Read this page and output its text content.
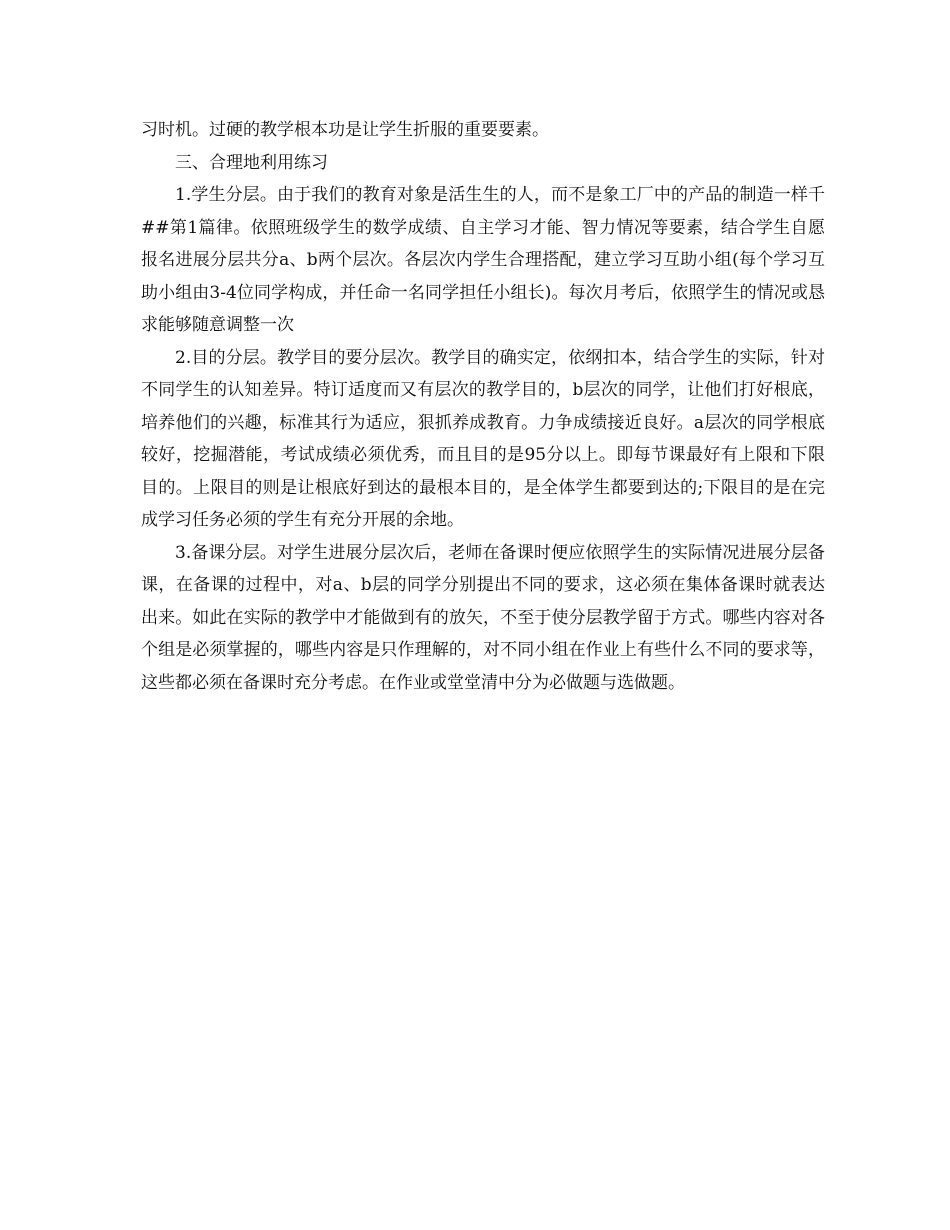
习时机。过硬的教学根本功是让学生折服的重要要素。

三、合理地利用练习

1.学生分层。由于我们的教育对象是活生生的人，而不是象工厂中的产品的制造一样千##第1篇律。依照班级学生的数学成绩、自主学习才能、智力情况等要素，结合学生自愿报名进展分层共分a、b两个层次。各层次内学生合理搭配，建立学习互助小组(每个学习互助小组由3-4位同学构成，并任命一名同学担任小组长)。每次月考后，依照学生的情况或恳求能够随意调整一次

2.目的分层。教学目的要分层次。教学目的确实定，依纲扣本，结合学生的实际，针对不同学生的认知差异。特订适度而又有层次的教学目的，b层次的同学，让他们打好根底，培养他们的兴趣，标准其行为适应，狠抓养成教育。力争成绩接近良好。a层次的同学根底较好，挖掘潜能，考试成绩必须优秀，而且目的是95分以上。即每节课最好有上限和下限目的。上限目的则是让根底好到达的最根本目的，是全体学生都要到达的;下限目的是在完成学习任务必须的学生有充分开展的余地。

3.备课分层。对学生进展分层次后，老师在备课时便应依照学生的实际情况进展分层备课，在备课的过程中，对a、b层的同学分别提出不同的要求，这必须在集体备课时就表达出来。如此在实际的教学中才能做到有的放矢，不至于使分层教学留于方式。哪些内容对各个组是必须掌握的，哪些内容是只作理解的，对不同小组在作业上有些什么不同的要求等，这些都必须在备课时充分考虑。在作业或堂堂清中分为必做题与选做题。
